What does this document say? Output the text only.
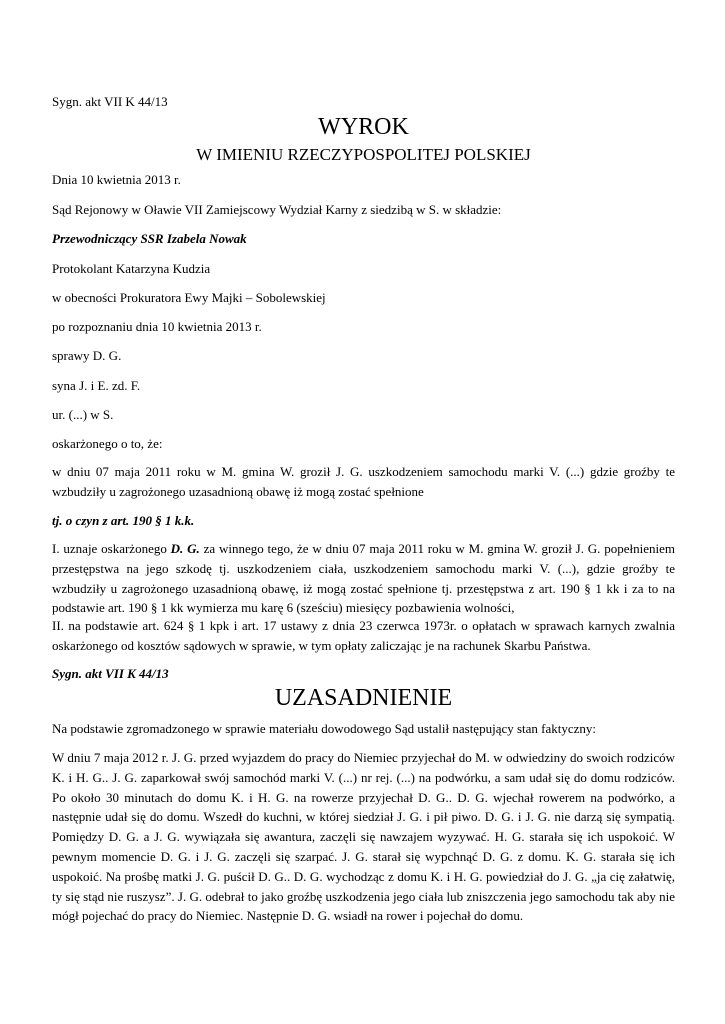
Sygn. akt VII K 44/13
WYROK
W IMIENIU RZECZYPOSPOLITEJ POLSKIEJ
Dnia 10 kwietnia 2013 r.
Sąd Rejonowy w Oławie VII Zamiejscowy Wydział Karny z siedzibą w S. w składzie:
Przewodniczący SSR Izabela Nowak
Protokolant Katarzyna Kudzia
w obecności Prokuratora Ewy Majki – Sobolewskiej
po rozpoznaniu dnia 10 kwietnia 2013 r.
sprawy D. G.
syna J. i E. zd. F.
ur. (...) w S.
oskarżonego o to, że:
w dniu 07 maja 2011 roku w M. gmina W. groził J. G. uszkodzeniem samochodu marki V. (...) gdzie groźby te wzbudziły u zagrożonego uzasadnioną obawę iż mogą zostać spełnione
tj. o czyn z art. 190 § 1 k.k.
I. uznaje oskarżonego D. G. za winnego tego, że w dniu 07 maja 2011 roku w M. gmina W. groził J. G. popełnieniem przestępstwa na jego szkodę tj. uszkodzeniem ciała, uszkodzeniem samochodu marki V. (...), gdzie groźby te wzbudziły u zagrożonego uzasadnioną obawę, iż mogą zostać spełnione tj. przestępstwa z art. 190 § 1 kk i za to na podstawie art. 190 § 1 kk wymierza mu karę 6 (sześciu) miesięcy pozbawienia wolności,
II. na podstawie art. 624 § 1 kpk i art. 17 ustawy z dnia 23 czerwca 1973r. o opłatach w sprawach karnych zwalnia oskarżonego od kosztów sądowych w sprawie, w tym opłaty zaliczając je na rachunek Skarbu Państwa.
Sygn. akt VII K 44/13
UZASADNIENIE
Na podstawie zgromadzonego w sprawie materiału dowodowego Sąd ustalił następujący stan faktyczny:
W dniu 7 maja 2012 r. J. G. przed wyjazdem do pracy do Niemiec przyjechał do M. w odwiedziny do swoich rodziców K. i H. G.. J. G. zaparkował swój samochód marki V. (...) nr rej. (...) na podwórku, a sam udał się do domu rodziców. Po około 30 minutach do domu K. i H. G. na rowerze przyjechał D. G.. D. G. wjechał rowerem na podwórko, a następnie udał się do domu. Wszedł do kuchni, w której siedział J. G. i pił piwo. D. G. i J. G. nie darzą się sympatią. Pomiędzy D. G. a J. G. wywiązała się awantura, zaczęli się nawzajem wyzywać. H. G. starała się ich uspokoić. W pewnym momencie D. G. i J. G. zaczęli się szarpać. J. G. starał się wypchnąć D. G. z domu. K. G. starała się ich uspokoić. Na prośbę matki J. G. puścił D. G.. D. G. wychodząc z domu K. i H. G. powiedział do J. G. „ja cię załatwię, ty się stąd nie ruszysz”. J. G. odebrał to jako groźbę uszkodzenia jego ciała lub zniszczenia jego samochodu tak aby nie mógł pojechać do pracy do Niemiec. Następnie D. G. wsiadł na rower i pojechał do domu.
